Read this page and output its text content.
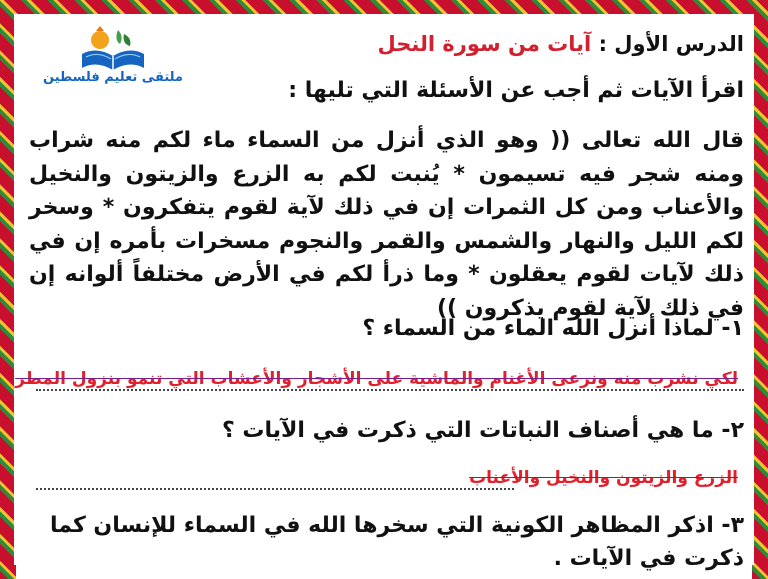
ملتقى تعليم فلسطين
الدرس الأول : آيات من سورة النحل
اقرأ الآيات ثم أجب عن الأسئلة التي تليها :
قال الله تعالى (( وهو الذي أنزل من السماء ماء لكم منه شراب ومنه شجر فيه تسيمون * يُنبت لكم به الزرع والزيتون والنخيل والأعناب ومن كل الثمرات إن في ذلك لآية لقوم يتفكرون * وسخر لكم الليل والنهار والشمس والقمر والنجوم مسخرات بأمره إن في ذلك لآيات لقوم يعقلون * وما ذرأ لكم في الأرض مختلفاً ألوانه إن في ذلك لآية لقوم يذكرون ))
١- لماذا أنزل الله الماء من السماء ؟
لكي نشرب منه ونرعى الأغنام والماشية على الأشجار والأعشاب التي تنمو بنزول المطر
٢- ما هي أصناف النباتات التي ذكرت في الآيات ؟
الزرع والزيتون والنخيل والأعناب
٣- اذكر المظاهر الكونية التي سخرها الله في السماء للإنسان كما ذكرت في الآيات .
